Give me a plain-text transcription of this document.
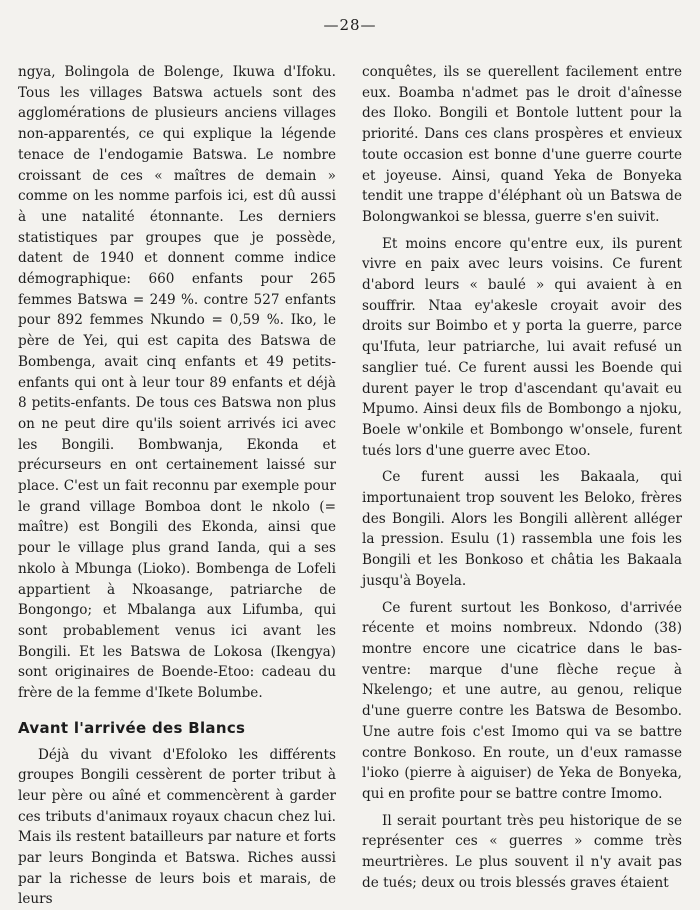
—28—

ngya, Bolingola de Bolenge, Ikuwa d'Ifoku. Tous les villages Batswa actuels sont des agglomérations de plusieurs anciens villages non-apparentés, ce qui explique la légende tenace de l'endogamie Batswa. Le nombre croissant de ces « maîtres de demain » comme on les nomme parfois ici, est dû aussi à une natalité étonnante. Les derniers statistiques par groupes que je possède, datent de 1940 et donnent comme indice démographique: 660 enfants pour 265 femmes Batswa = 249 %. contre 527 enfants pour 892 femmes Nkundo = 0,59 %. Iko, le père de Yei, qui est capita des Batswa de Bombenga, avait cinq enfants et 49 petits-enfants qui ont à leur tour 89 enfants et déjà 8 petits-enfants. De tous ces Batswa non plus on ne peut dire qu'ils soient arrivés ici avec les Bongili. Bombwanja, Ekonda et précurseurs en ont certainement laissé sur place. C'est un fait reconnu par exemple pour le grand village Bomboa dont le nkolo (= maître) est Bongili des Ekonda, ainsi que pour le village plus grand Ianda, qui a ses nkolo à Mbunga (Lioko). Bombenga de Lofeli appartient à Nkoasange, patriarche de Bongongo; et Mbalanga aux Lifumba, qui sont probablement venus ici avant les Bongili. Et les Batswa de Lokosa (Ikengya) sont originaires de Boende-Etoo: cadeau du frère de la femme d'Ikete Bolumbe.

Avant l'arrivée des Blancs

Déjà du vivant d'Efoloko les différents groupes Bongili cessèrent de porter tribut à leur père ou aîné et commencèrent à garder ces tributs d'animaux royaux chacun chez lui. Mais ils restent batailleurs par nature et forts par leurs Bonginda et Batswa. Riches aussi par la richesse de leurs bois et marais, de leurs

conquêtes, ils se querellent facilement entre eux. Boamba n'admet pas le droit d'aînesse des Iloko. Bongili et Bontole luttent pour la priorité. Dans ces clans prospères et envieux toute occasion est bonne d'une guerre courte et joyeuse. Ainsi, quand Yeka de Bonyeka tendit une trappe d'éléphant où un Batswa de Bolongwankoi se blessa, guerre s'en suivit.

Et moins encore qu'entre eux, ils purent vivre en paix avec leurs voisins. Ce furent d'abord leurs « baulé » qui avaient à en souffrir. Ntaa ey'akesle croyait avoir des droits sur Boimbo et y porta la guerre, parce qu'Ifuta, leur patriarche, lui avait refusé un sanglier tué. Ce furent aussi les Boende qui durent payer le trop d'ascendant qu'avait eu Mpumo. Ainsi deux fils de Bombongo a njoku, Boele w'onkile et Bombongo w'onsele, furent tués lors d'une guerre avec Etoo.

Ce furent aussi les Bakaala, qui importunaient trop souvent les Beloko, frères des Bongili. Alors les Bongili allèrent alléger la pression. Esulu (1) rassembla une fois les Bongili et les Bonkoso et châtia les Bakaala jusqu'à Boyela.

Ce furent surtout les Bonkoso, d'arrivée récente et moins nombreux. Ndondo (38) montre encore une cicatrice dans le bas-ventre: marque d'une flèche reçue à Nkelengo; et une autre, au genou, relique d'une guerre contre les Batswa de Besombo. Une autre fois c'est Imomo qui va se battre contre Bonkoso. En route, un d'eux ramasse l'ioko (pierre à aiguiser) de Yeka de Bonyeka, qui en profite pour se battre contre Imomo.

Il serait pourtant très peu historique de se représenter ces « guerres » comme très meurtrières. Le plus souvent il n'y avait pas de tués; deux ou trois blessés graves étaient
